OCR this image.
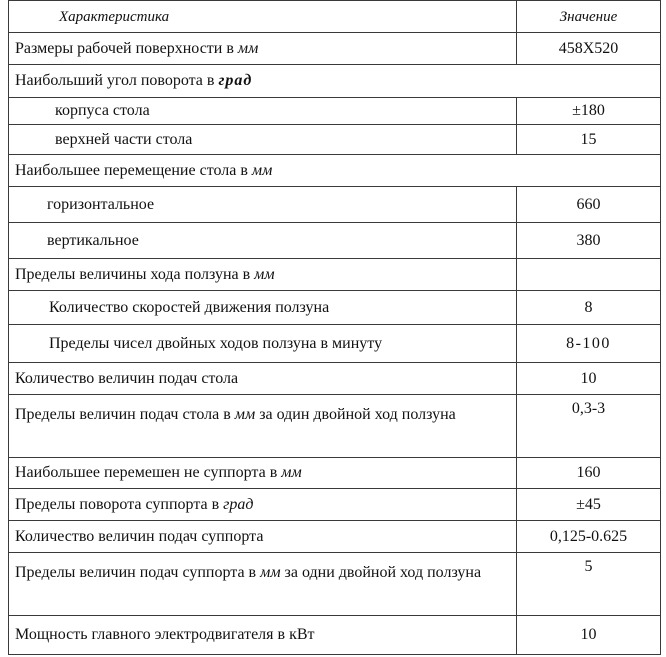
Характеристика	Значение
Размеры рабочей поверхности в мм	458Х520
Наибольший угол поворота в град	
корпуса стола	±180
верхней части стола	15
Наибольшее перемещение стола в мм	
горизонтальное	660
вертикальное	380
Пределы величины хода ползуна в мм	
Количество скоростей движения ползуна	8
Пределы чисел двойных ходов ползуна в минуту	8-100
Количество величин подач стола	10
Пределы величин подач стола в мм за один двойной ход ползуна	0,3-3
Наибольшее перемешен не суппорта в мм	160
Пределы поворота суппорта в град	±45
Количество величин подач суппорта	0,125-0.625
Пределы величин подач суппорта в мм за одни двойной ход ползуна	5
Мощность главного электродвигателя в кВт	10
